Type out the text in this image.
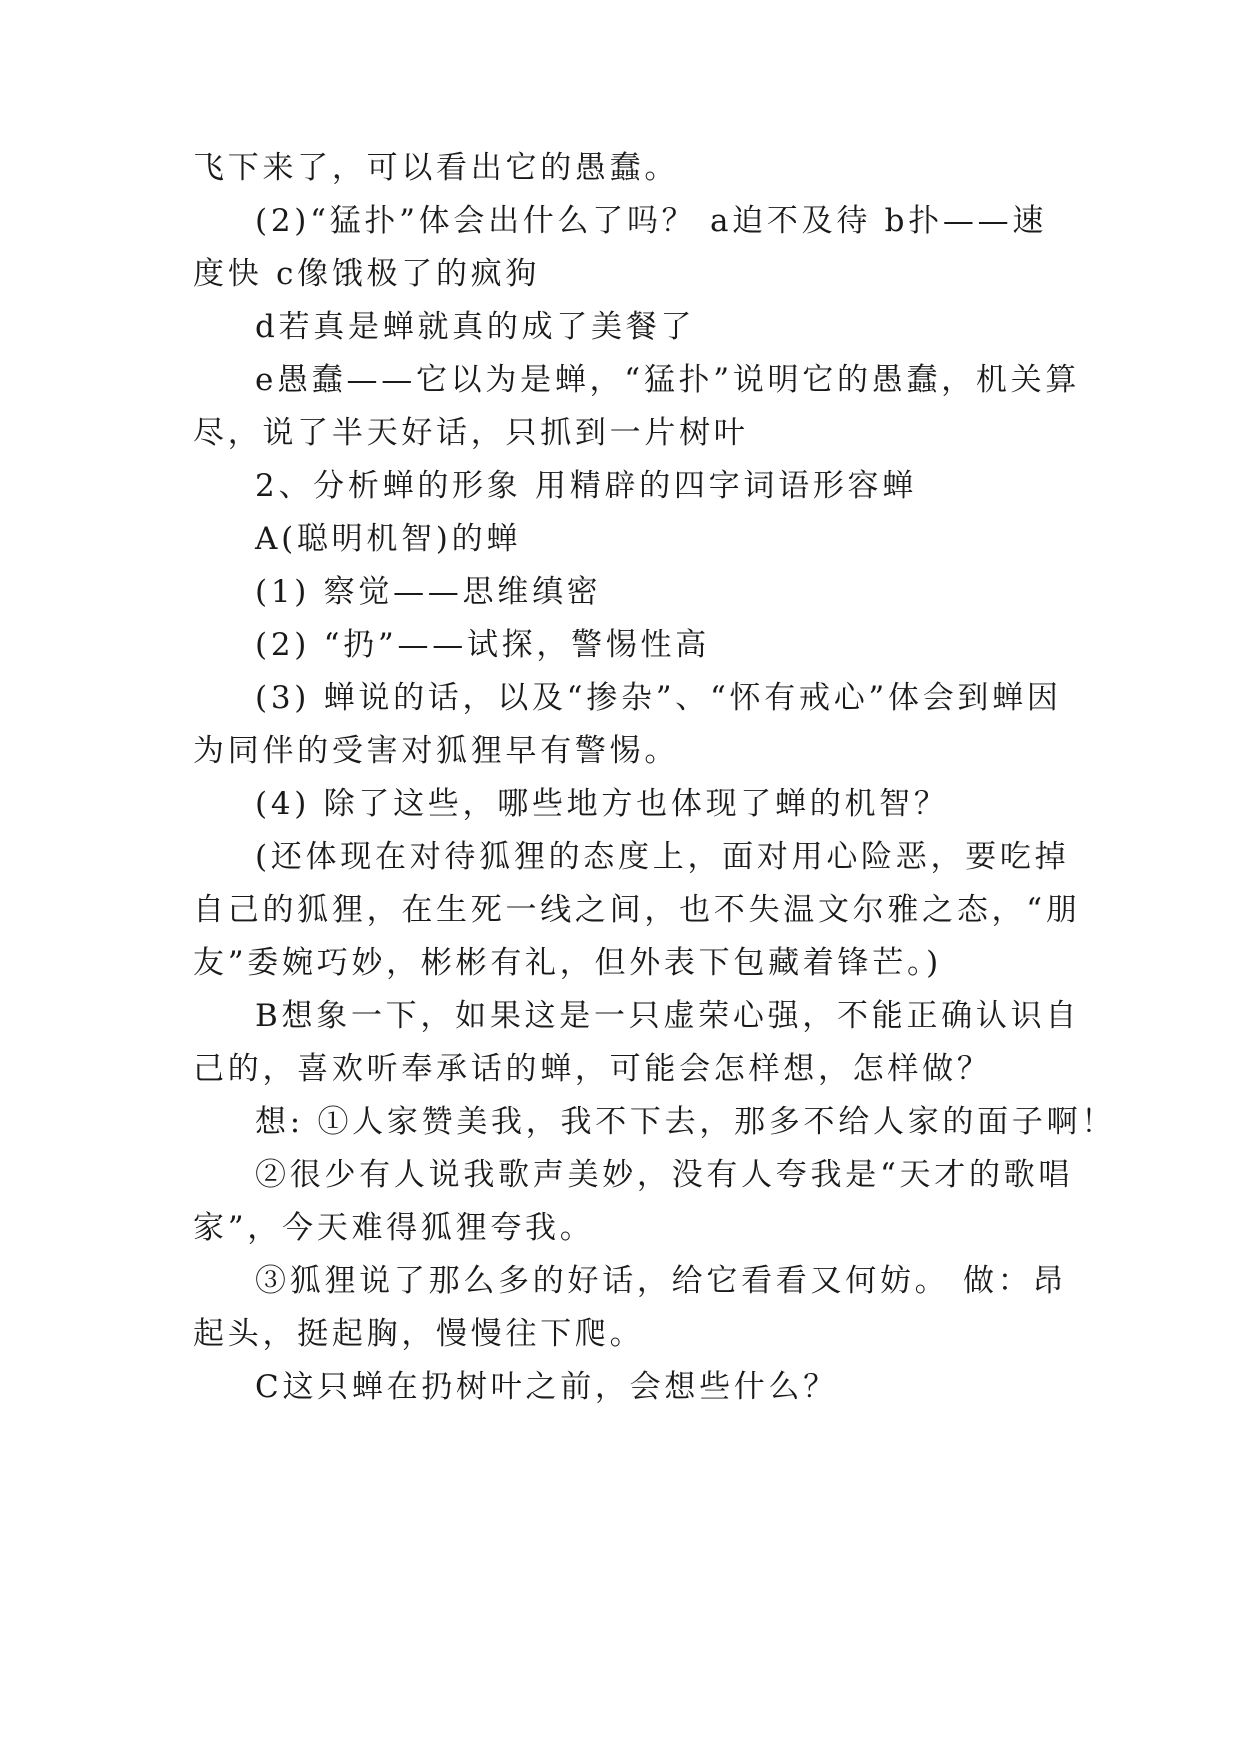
飞下来了，可以看出它的愚蠢。
(2)“猛扑”体会出什么了吗？ a迫不及待 b扑——速
度快 c像饿极了的疯狗
d若真是蝉就真的成了美餐了
e愚蠢——它以为是蝉，“猛扑”说明它的愚蠢，机关算
尽，说了半天好话，只抓到一片树叶
2、分析蝉的形象 用精辟的四字词语形容蝉
A(聪明机智)的蝉
(1) 察觉——思维缜密
(2) “扔”——试探，警惕性高
(3) 蝉说的话，以及“掺杂”、“怀有戒心”体会到蝉因
为同伴的受害对狐狸早有警惕。
(4) 除了这些，哪些地方也体现了蝉的机智？
(还体现在对待狐狸的态度上，面对用心险恶，要吃掉
自己的狐狸，在生死一线之间，也不失温文尔雅之态，“朋
友”委婉巧妙，彬彬有礼，但外表下包藏着锋芒。)
B想象一下，如果这是一只虚荣心强，不能正确认识自
己的，喜欢听奉承话的蝉，可能会怎样想，怎样做？
想: ①人家赞美我，我不下去，那多不给人家的面子啊！
②很少有人说我歌声美妙，没有人夸我是“天才的歌唱
家”，今天难得狐狸夸我。
③狐狸说了那么多的好话，给它看看又何妨。 做：昂
起头，挺起胸，慢慢往下爬。
C这只蝉在扔树叶之前，会想些什么？
